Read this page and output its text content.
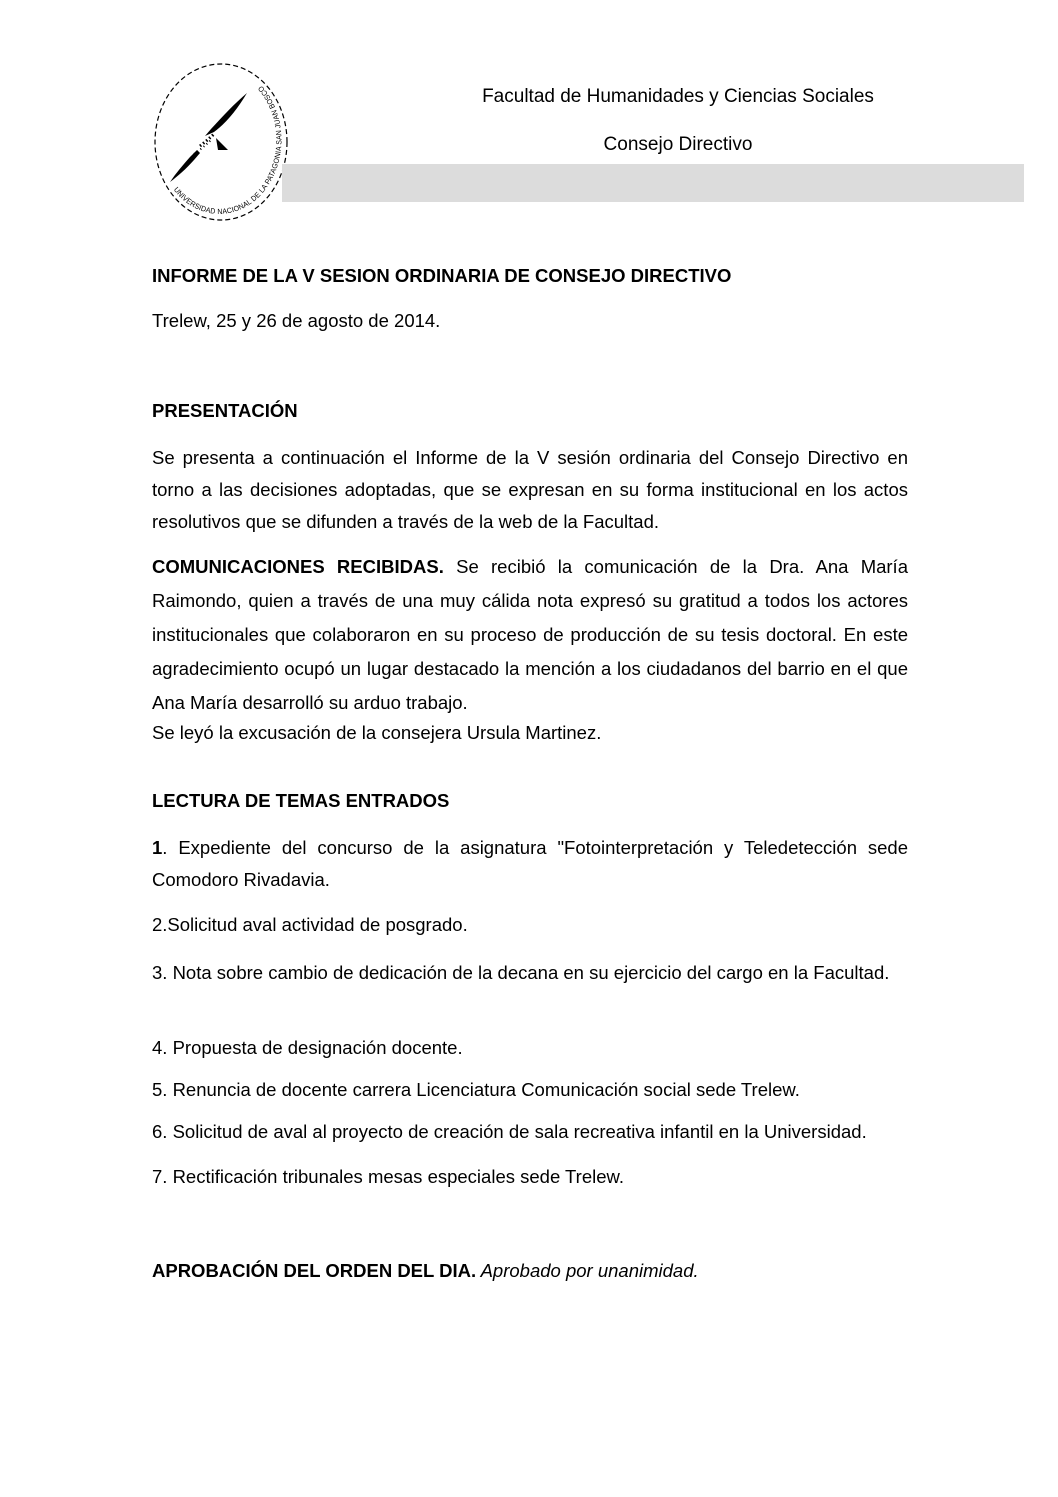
UNIVERSIDAD NACIONAL DE LA PATAGONIA SAN JUAN BOSCO	Facultad de Humanidades y Ciencias Sociales
Consejo Directivo
INFORME DE LA V SESION ORDINARIA DE CONSEJO DIRECTIVO
Trelew, 25 y 26 de agosto de 2014.
PRESENTACIÓN
Se presenta a continuación el Informe de la V sesión ordinaria del Consejo Directivo en torno a las decisiones adoptadas, que se expresan en su forma institucional en los actos resolutivos que se difunden a través de la web de la Facultad.
COMUNICACIONES RECIBIDAS. Se recibió la comunicación de la Dra. Ana María Raimondo, quien a través de una muy cálida nota expresó su gratitud a todos los actores institucionales que colaboraron en su proceso de producción de su tesis doctoral. En este agradecimiento ocupó un lugar destacado la mención a los ciudadanos del barrio en el que Ana María desarrolló su arduo trabajo.
Se leyó la excusación de la consejera Ursula Martinez.
LECTURA DE TEMAS ENTRADOS
1. Expediente del concurso de la asignatura "Fotointerpretación y Teledetección sede Comodoro Rivadavia.
2.Solicitud aval actividad de posgrado.
3. Nota sobre cambio de dedicación de la decana en su ejercicio del cargo en la Facultad.
4. Propuesta de designación docente.
5. Renuncia de docente carrera Licenciatura Comunicación social sede Trelew.
6. Solicitud de aval al proyecto de creación de sala recreativa infantil en la Universidad.
7. Rectificación tribunales mesas especiales sede Trelew.
APROBACIÓN DEL ORDEN DEL DIA. Aprobado por unanimidad.
